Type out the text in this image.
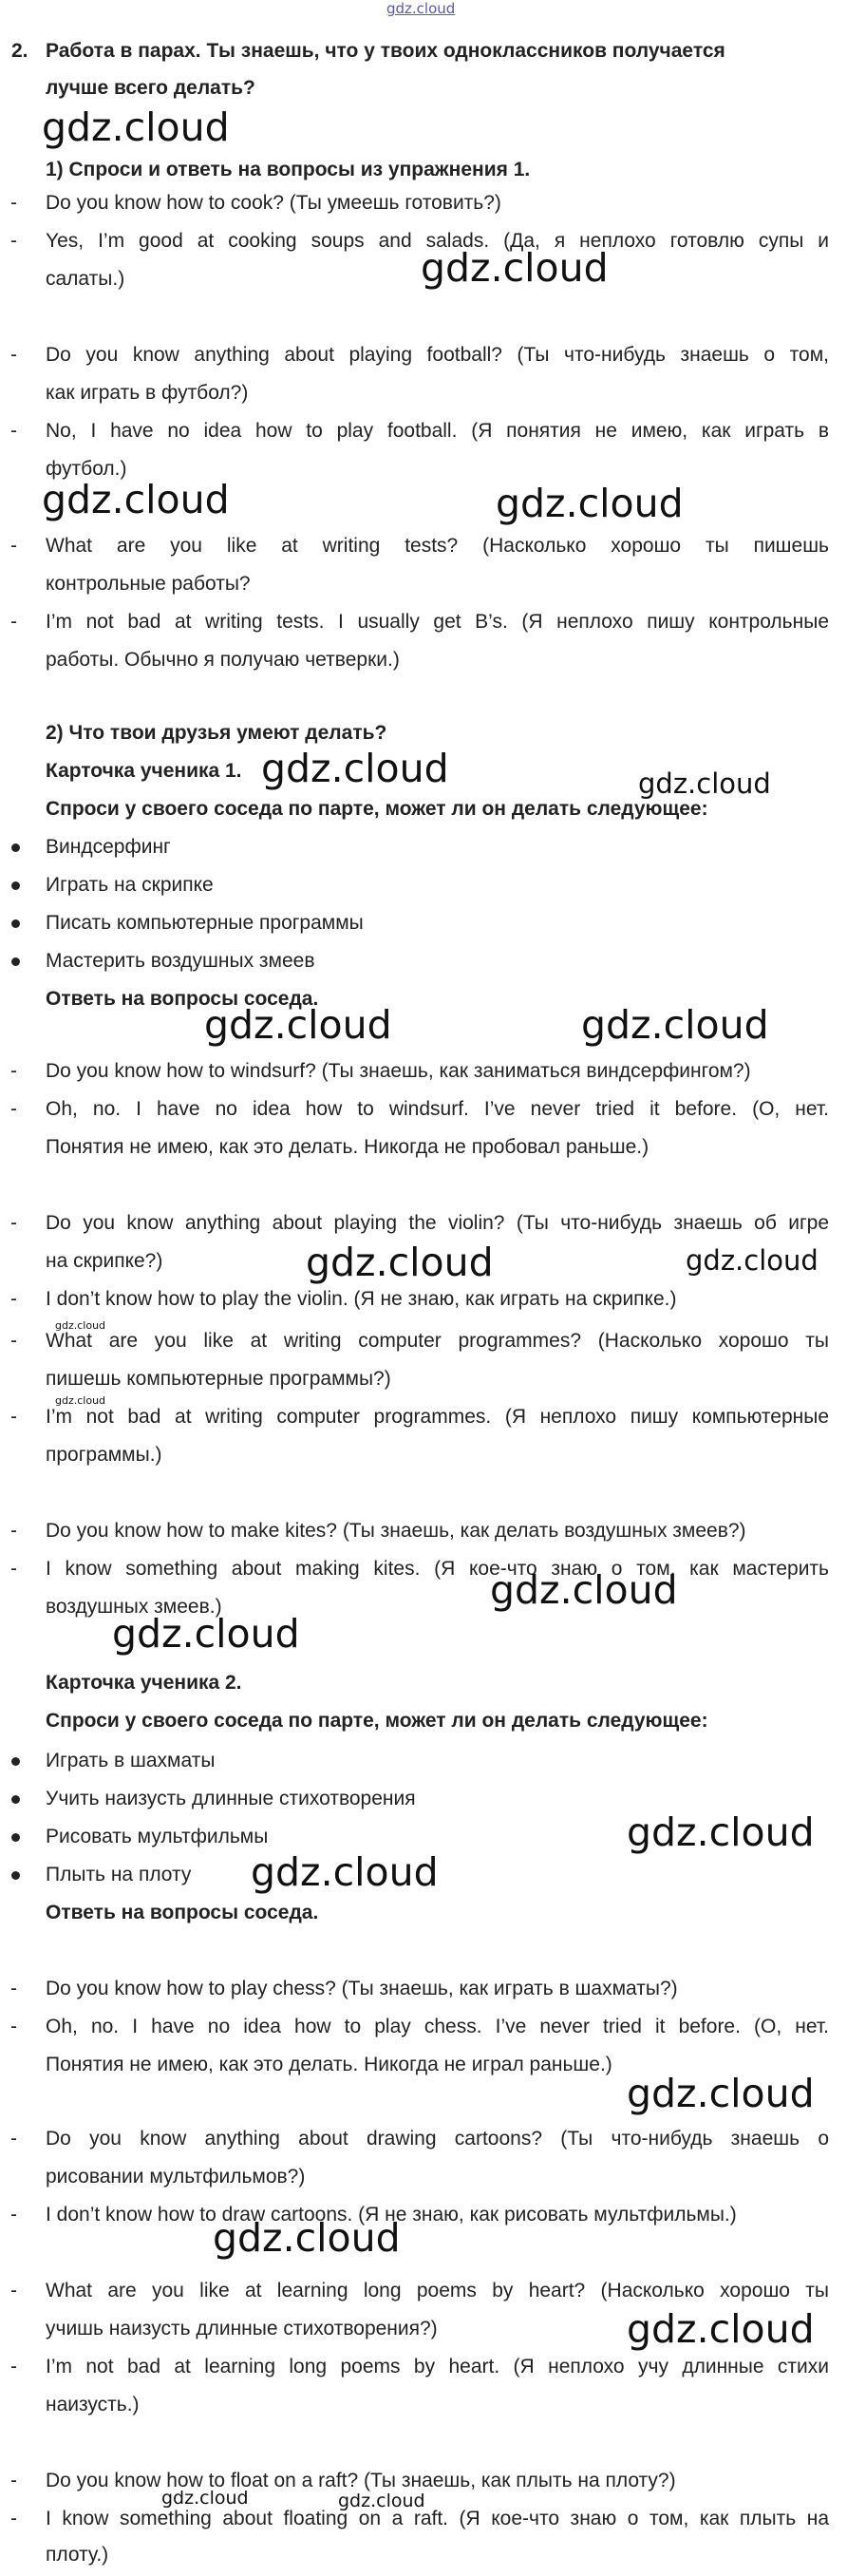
gdz.cloud
2. Работа в парах. Ты знаешь, что у твоих одноклассников получается
лучше всего делать?
1) Спроси и ответь на вопросы из упражнения 1.
- Do you know how to cook? (Ты умеешь готовить?)
- Yes, I’m good at cooking soups and salads. (Да, я неплохо готовлю супы и
салаты.)
- Do you know anything about playing football? (Ты что-нибудь знаешь о том,
как играть в футбол?)
- No, I have no idea how to play football. (Я понятия не имею, как играть в
футбол.)
- What are you like at writing tests? (Насколько хорошо ты пишешь
контрольные работы?
- I’m not bad at writing tests. I usually get B’s. (Я неплохо пишу контрольные
работы. Обычно я получаю четверки.)
2) Что твои друзья умеют делать?
Карточка ученика 1.
Спроси у своего соседа по парте, может ли он делать следующее:
Виндсерфинг
Играть на скрипке
Писать компьютерные программы
Мастерить воздушных змеев
Ответь на вопросы соседа.
- Do you know how to windsurf? (Ты знаешь, как заниматься виндсерфингом?)
- Oh, no. I have no idea how to windsurf. I’ve never tried it before. (О, нет.
Понятия не имею, как это делать. Никогда не пробовал раньше.)
- Do you know anything about playing the violin? (Ты что-нибудь знаешь об игре
на скрипке?)
- I don’t know how to play the violin. (Я не знаю, как играть на скрипке.)
- What are you like at writing computer programmes? (Насколько хорошо ты
пишешь компьютерные программы?)
- I’m not bad at writing computer programmes. (Я неплохо пишу компьютерные
программы.)
- Do you know how to make kites? (Ты знаешь, как делать воздушных змеев?)
- I know something about making kites. (Я кое-что знаю о том, как мастерить
воздушных змеев.)
Карточка ученика 2.
Спроси у своего соседа по парте, может ли он делать следующее:
Играть в шахматы
Учить наизусть длинные стихотворения
Рисовать мультфильмы
Плыть на плоту
Ответь на вопросы соседа.
- Do you know how to play chess? (Ты знаешь, как играть в шахматы?)
- Oh, no. I have no idea how to play chess. I’ve never tried it before. (О, нет.
Понятия не имею, как это делать. Никогда не играл раньше.)
- Do you know anything about drawing cartoons? (Ты что-нибудь знаешь о
рисовании мультфильмов?)
- I don’t know how to draw cartoons. (Я не знаю, как рисовать мультфильмы.)
- What are you like at learning long poems by heart? (Насколько хорошо ты
учишь наизусть длинные стихотворения?)
- I’m not bad at learning long poems by heart. (Я неплохо учу длинные стихи
наизусть.)
- Do you know how to float on a raft? (Ты знаешь, как плыть на плоту?)
- I know something about floating on a raft. (Я кое-что знаю о том, как плыть на
плоту.)
gdz.cloud
gdz.cloud
gdz.cloud	gdz.cloud
gdz.cloud	gdz.cloud
gdz.cloud	gdz.cloud
gdz.cloud	gdz.cloud
gdz.cloud
gdz.cloud
gdz.cloud
gdz.cloud
gdz.cloud
gdz.cloud
gdz.cloud
gdz.cloud
gdz.cloud
gdz.cloud	gdz.cloud
